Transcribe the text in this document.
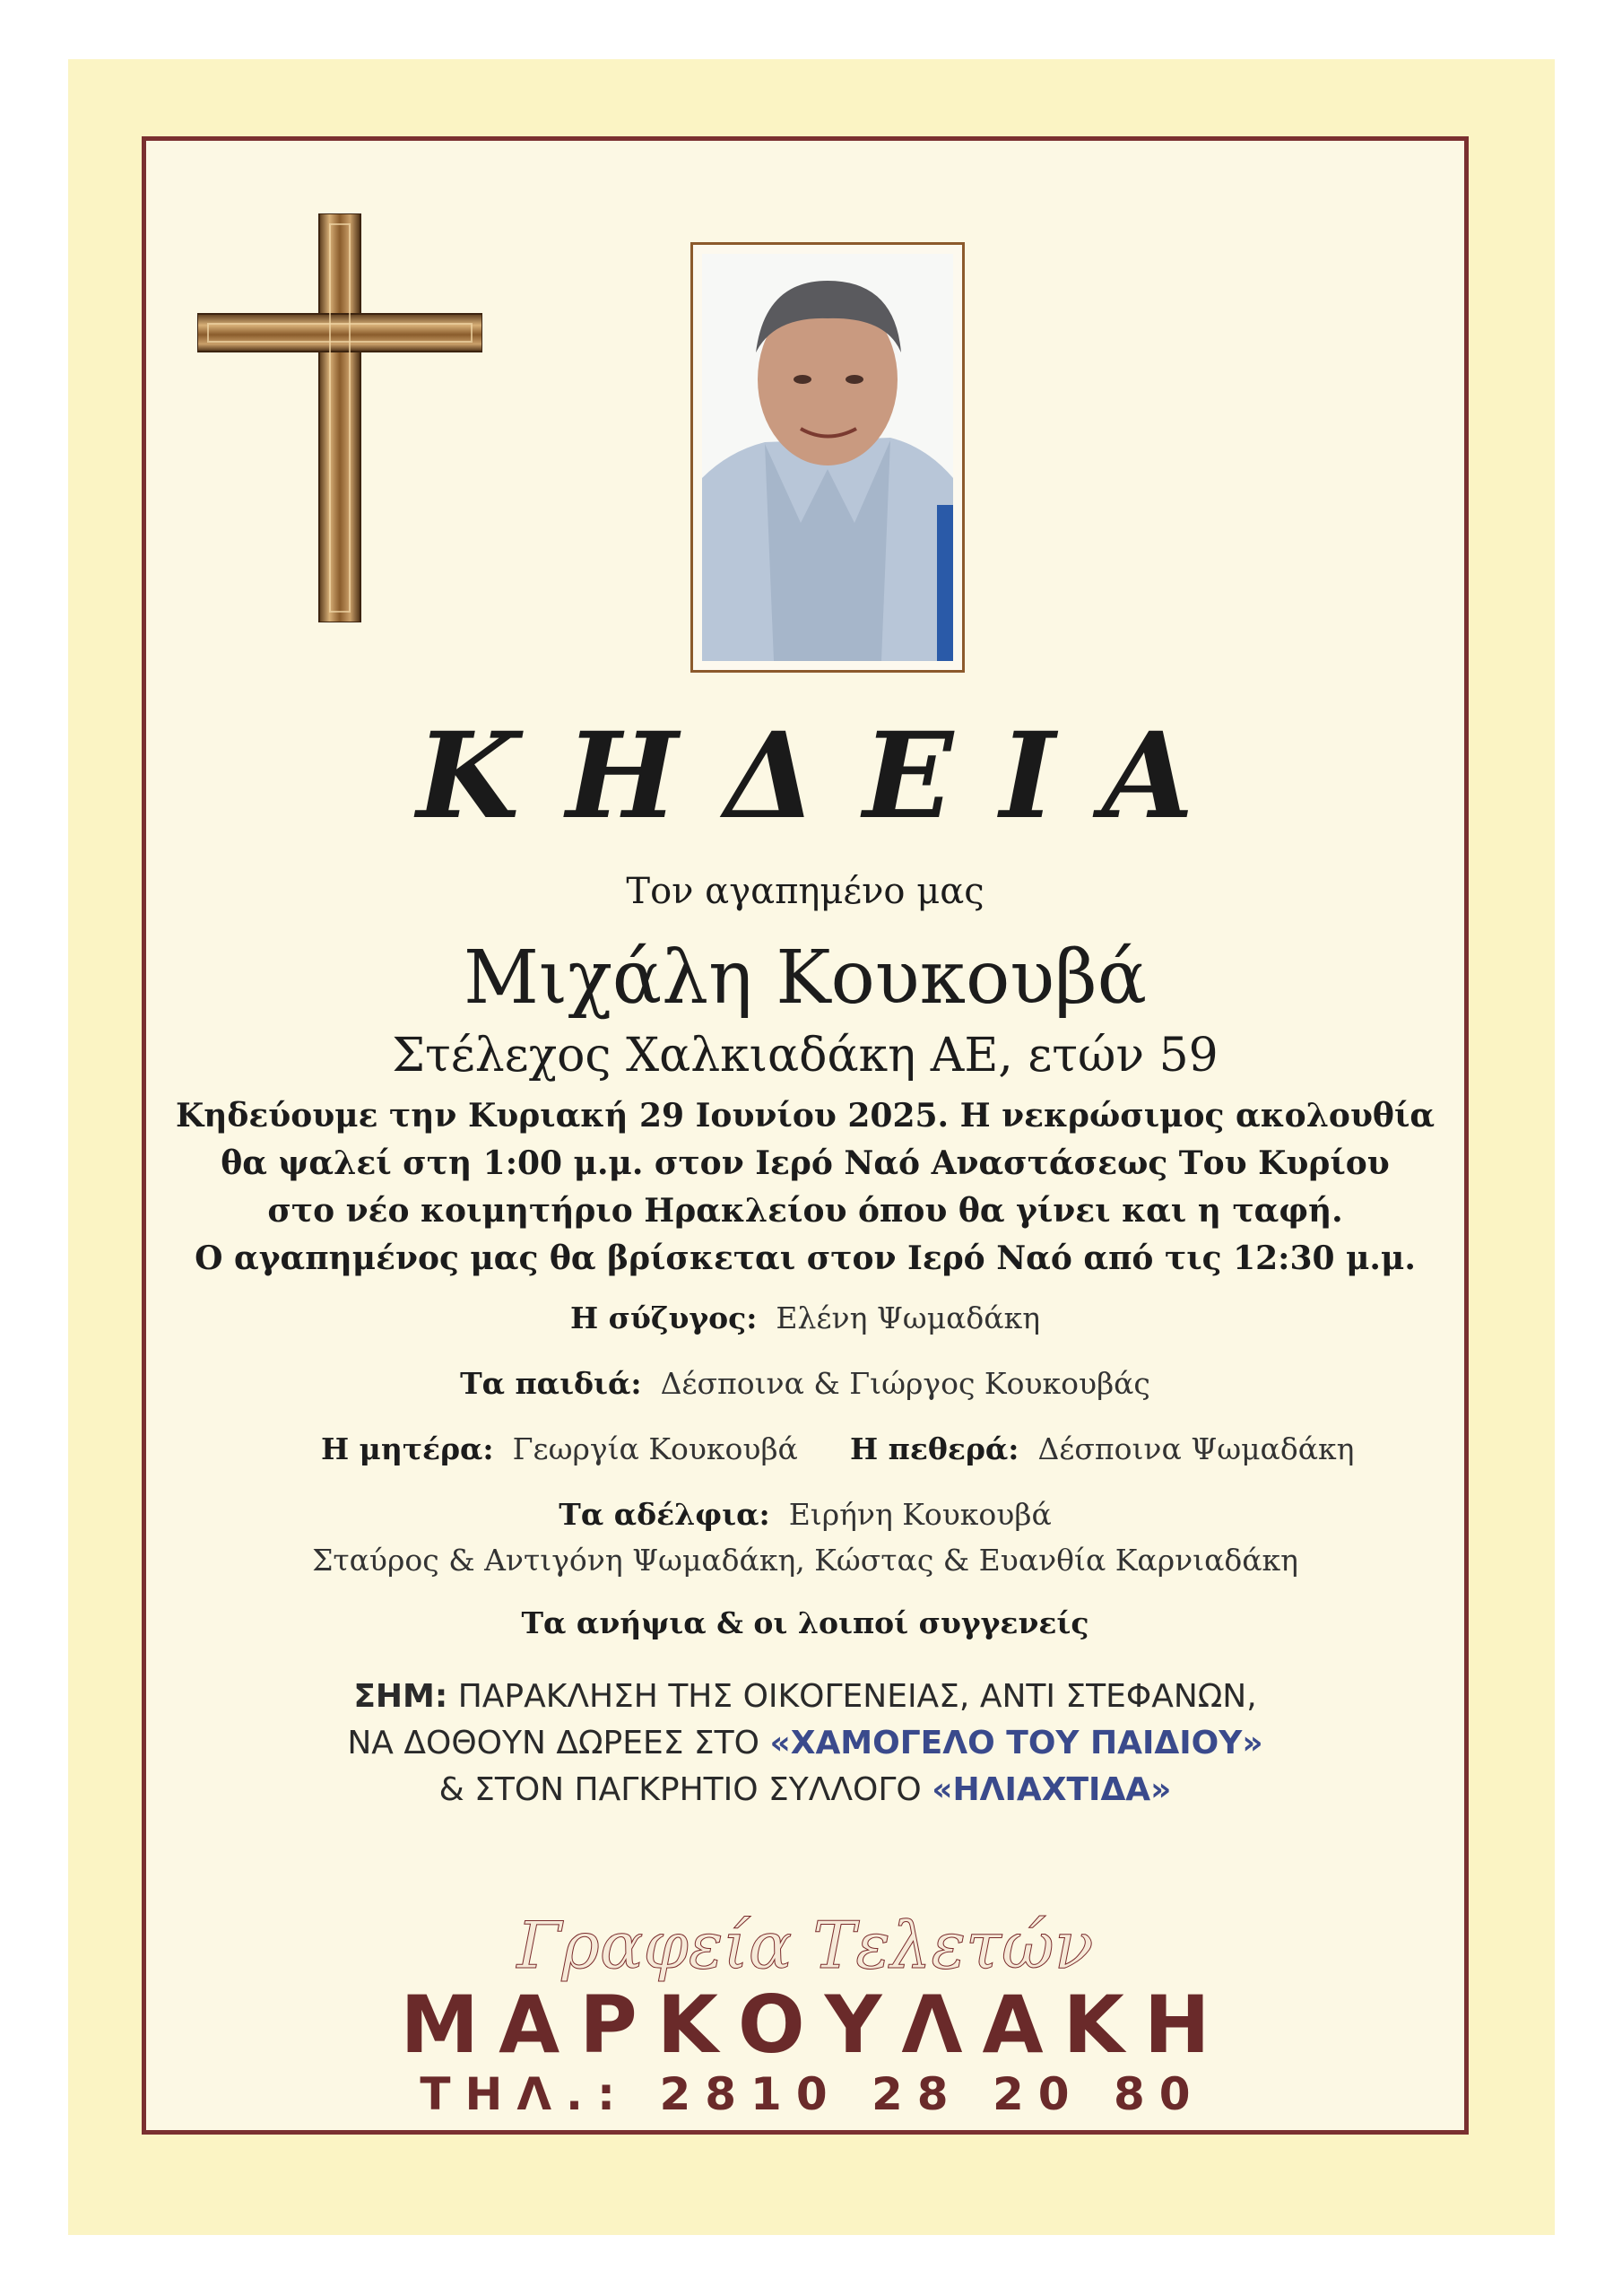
ΚΗΔΕΙΑ
Τον αγαπημένο μας
Μιχάλη Κουκουβά
Στέλεχος Χαλκιαδάκη ΑΕ, ετών 59
Κηδεύουμε την Κυριακή 29 Ιουνίου 2025. Η νεκρώσιμος ακολουθία
θα ψαλεί στη 1:00 μ.μ. στον Ιερό Ναό Αναστάσεως Του Κυρίου
στο νέο κοιμητήριο Ηρακλείου όπου θα γίνει και η ταφή.
Ο αγαπημένος μας θα βρίσκεται στον Ιερό Ναό από τις 12:30 μ.μ.
Η σύζυγος: Ελένη Ψωμαδάκη
Τα παιδιά: Δέσποινα & Γιώργος Κουκουβάς
Η μητέρα: Γεωργία Κουκουβά Η πεθερά: Δέσποινα Ψωμαδάκη
Τα αδέλφια: Ειρήνη Κουκουβά
Σταύρος & Αντιγόνη Ψωμαδάκη, Κώστας & Ευανθία Καρνιαδάκη
Τα ανήψια & οι λοιποί συγγενείς
ΣΗΜ: ΠΑΡΑΚΛΗΣΗ ΤΗΣ ΟΙΚΟΓΕΝΕΙΑΣ, ΑΝΤΙ ΣΤΕΦΑΝΩΝ,
ΝΑ ΔΟΘΟΥΝ ΔΩΡΕΕΣ ΣΤΟ «ΧΑΜΟΓΕΛΟ ΤΟΥ ΠΑΙΔΙΟΥ»
& ΣΤΟΝ ΠΑΓΚΡΗΤΙΟ ΣΥΛΛΟΓΟ «ΗΛΙΑΧΤΙΔΑ»
Γραφεία Τελετών
ΜΑΡΚΟΥΛΑΚΗ
ΤΗΛ.: 2810 28 20 80
